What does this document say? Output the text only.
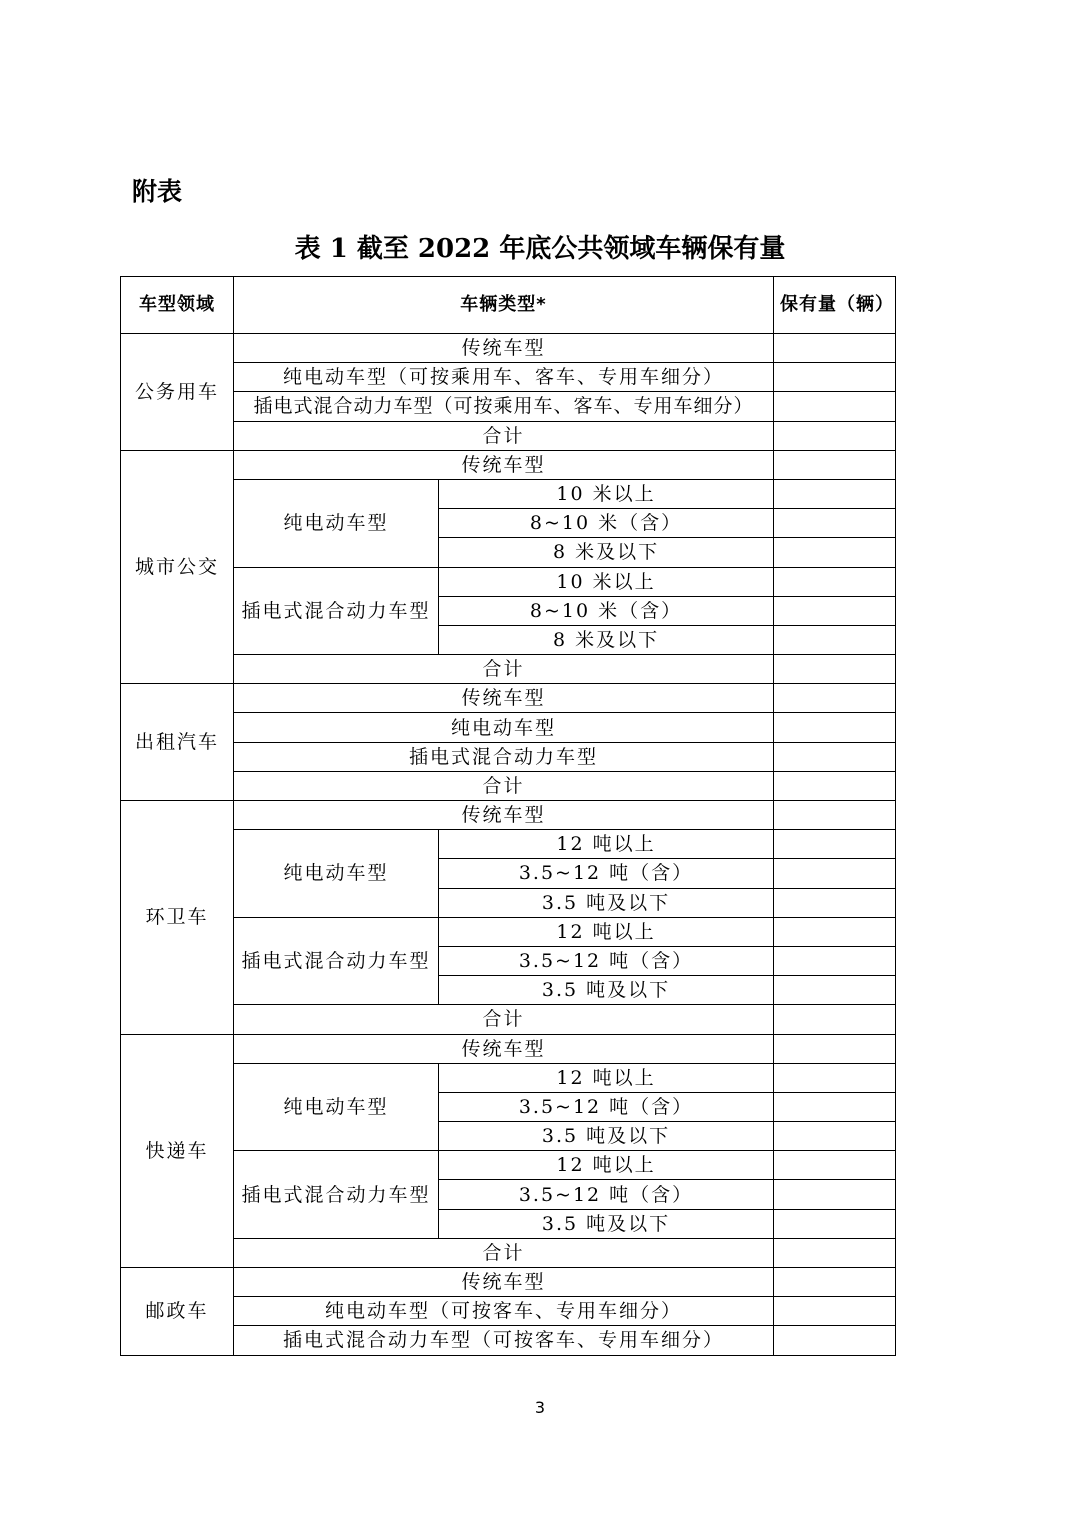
附表
表 1 截至 2022 年底公共领域车辆保有量
车型领域	车辆类型*		保有量（辆）

公务用车	传统车型		
	纯电动车型（可按乘用车、客车、专用车细分）		
	插电式混合动力车型（可按乘用车、客车、专用车细分）		
	合计		
城市公交	传统车型		
	纯电动车型	10 米以上	
		8~10 米（含）	
		8 米及以下	

	插电式混合动力车型	10 米以上	
		8~10 米（含）	
		8 米及以下	
	合计		
出租汽车	传统车型		
	纯电动车型		
	插电式混合动力车型		
	合计		
环卫车	传统车型		
	纯电动车型	12 吨以上	
		3.5~12 吨（含）	
		3.5 吨及以下	

	插电式混合动力车型	12 吨以上	
		3.5~12 吨（含）	
		3.5 吨及以下	
	合计		
快递车	传统车型		
	纯电动车型	12 吨以上	
		3.5~12 吨（含）	
		3.5 吨及以下	

	插电式混合动力车型	12 吨以上	
		3.5~12 吨（含）	
		3.5 吨及以下	
	合计		
邮政车	传统车型		
	纯电动车型（可按客车、专用车细分）		
	插电式混合动力车型（可按客车、专用车细分）		
3
